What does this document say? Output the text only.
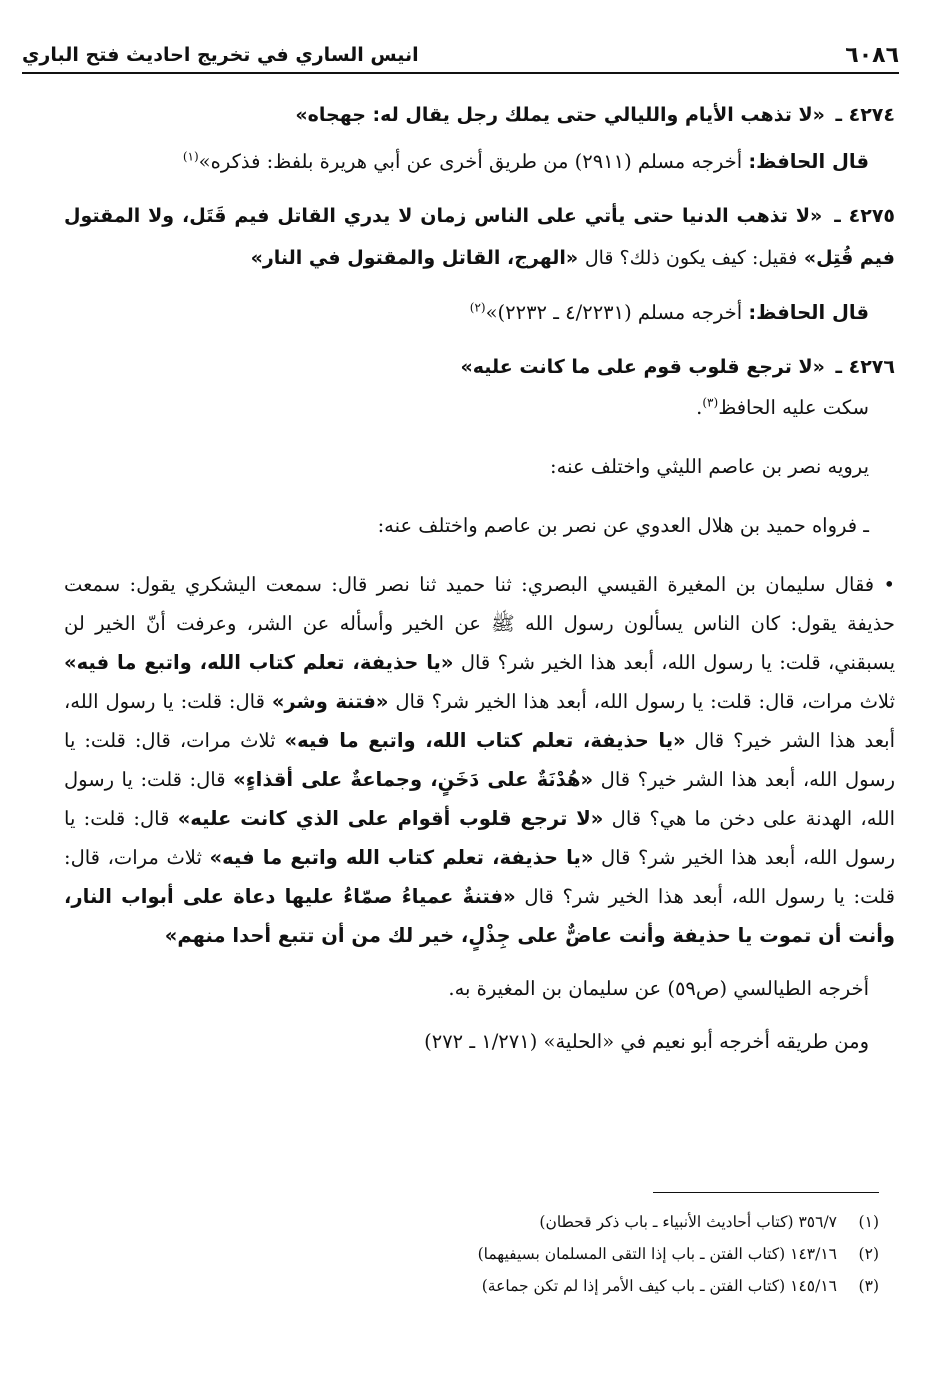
٦٠٨٦
انيس الساري في تخريج احاديث فتح الباري

٤٢٧٤ ـ «لا تذهب الأيام والليالي حتى يملك رجل يقال له: جهجاه»

قال الحافظ: أخرجه مسلم (٢٩١١) من طريق أخرى عن أبي هريرة بلفظ: فذكره»$^{(١)}$

٤٢٧٥ ـ «لا تذهب الدنيا حتى يأتي على الناس زمان لا يدري القاتل فيم قَتَل، ولا المقتول فيم قُتِل» فقيل: كيف يكون ذلك؟ قال «الهرج، القاتل والمقتول في النار»

قال الحافظ: أخرجه مسلم (٤/٢٢٣١ ـ ٢٢٣٢)»$^{(٢)}$

٤٢٧٦ ـ «لا ترجع قلوب قوم على ما كانت عليه»

سكت عليه الحافظ$^{(٣)}$.

يرويه نصر بن عاصم الليثي واختلف عنه:

ـ فرواه حميد بن هلال العدوي عن نصر بن عاصم واختلف عنه:

• فقال سليمان بن المغيرة القيسي البصري: ثنا حميد ثنا نصر قال: سمعت اليشكري يقول: سمعت حذيفة يقول: كان الناس يسألون رسول الله ﷺ عن الخير وأسأله عن الشر، وعرفت أنّ الخير لن يسبقني، قلت: يا رسول الله، أبعد هذا الخير شر؟ قال «يا حذيفة، تعلم كتاب الله، واتبع ما فيه» ثلاث مرات، قال: قلت: يا رسول الله، أبعد هذا الخير شر؟ قال «فتنة وشر» قال: قلت: يا رسول الله، أبعد هذا الشر خير؟ قال «يا حذيفة، تعلم كتاب الله، واتبع ما فيه» ثلاث مرات، قال: قلت: يا رسول الله، أبعد هذا الشر خير؟ قال «هُدْنَةٌ على دَخَنٍ، وجماعةٌ على أقذاءٍ» قال: قلت: يا رسول الله، الهدنة على دخن ما هي؟ قال «لا ترجع قلوب أقوام على الذي كانت عليه» قال: قلت: يا رسول الله، أبعد هذا الخير شر؟ قال «يا حذيفة، تعلم كتاب الله واتبع ما فيه» ثلاث مرات، قال: قلت: يا رسول الله، أبعد هذا الخير شر؟ قال «فتنةٌ عمياءُ صمّاءُ عليها دعاة على أبواب النار، وأنت أن تموت يا حذيفة وأنت عاضٌّ على جِذْلٍ، خير لك من أن تتبع أحدا منهم»

أخرجه الطيالسي (ص٥٩) عن سليمان بن المغيرة به.

ومن طريقه أخرجه أبو نعيم في «الحلية» (١/٢٧١ ـ ٢٧٢)

(١)
٣٥٦/٧ (كتاب أحاديث الأنبياء ـ باب ذكر قحطان)
(٢)
١٤٣/١٦ (كتاب الفتن ـ باب إذا التقى المسلمان بسيفيهما)
(٣)
١٤٥/١٦ (كتاب الفتن ـ باب كيف الأمر إذا لم تكن جماعة)
